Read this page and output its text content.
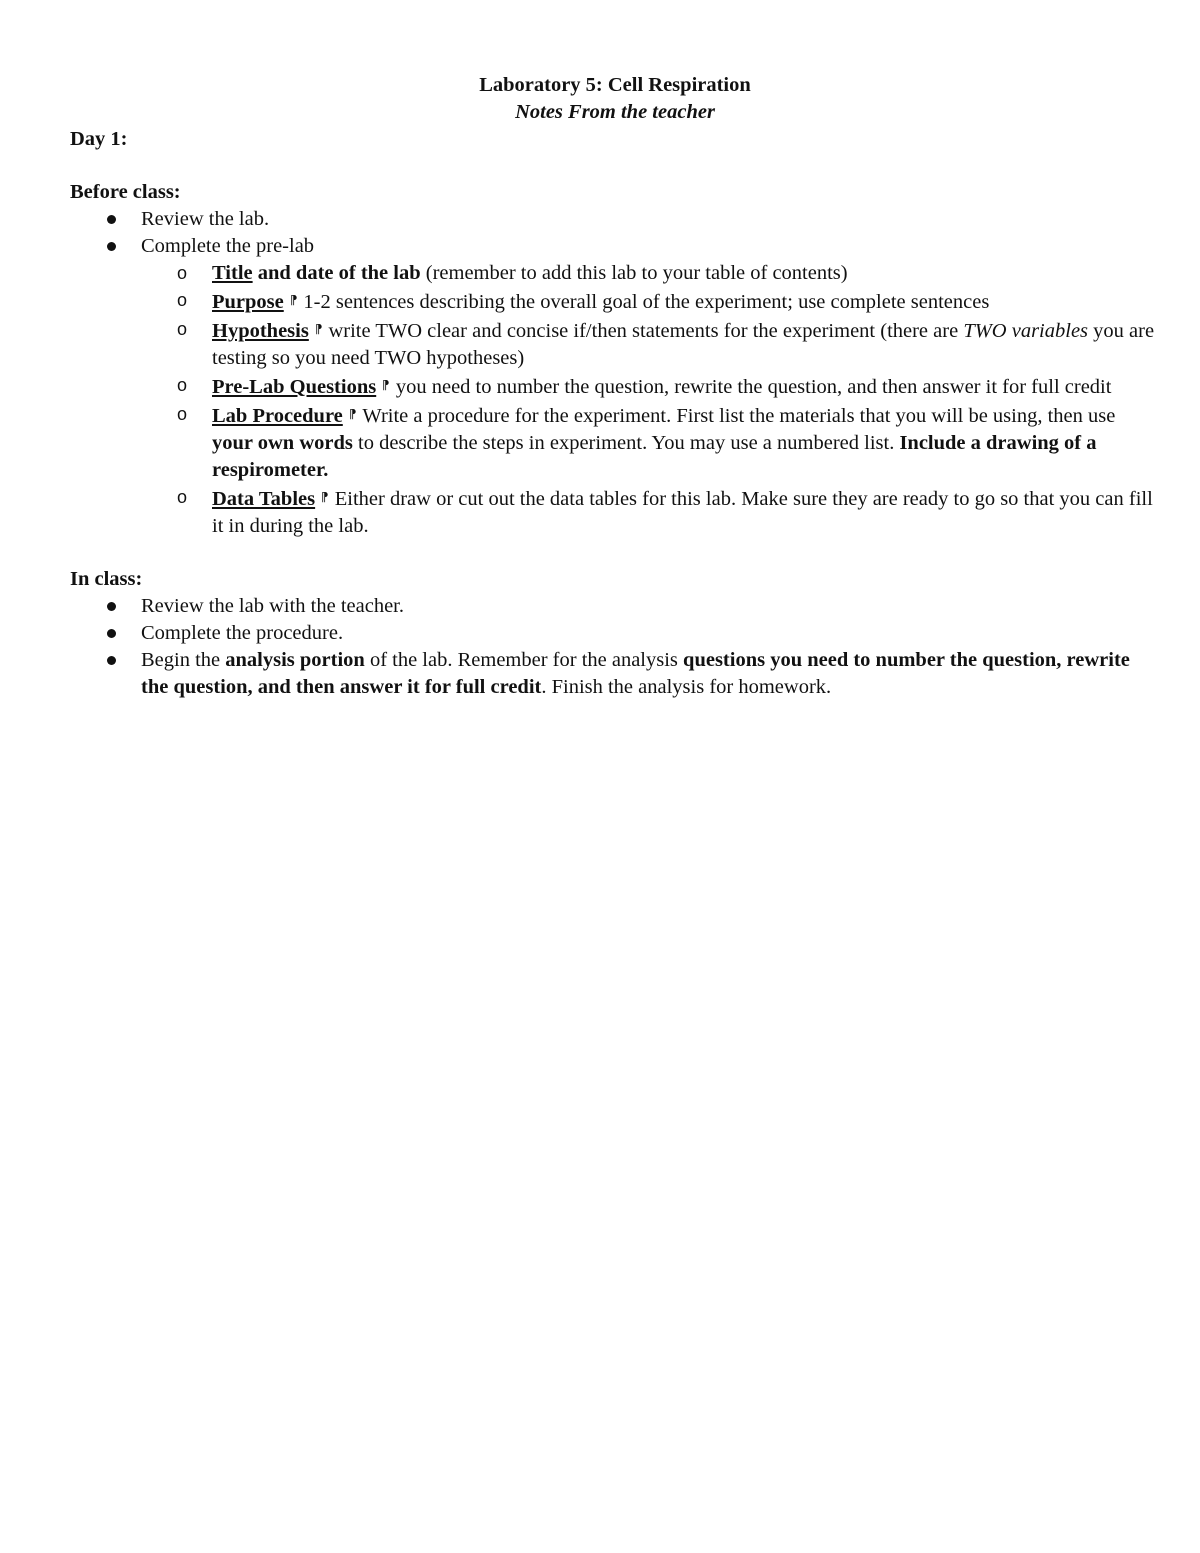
Laboratory 5: Cell Respiration

Notes From the teacher

Day 1:

Before class:

Review the lab.
Complete the pre-lab
o Title and date of the lab (remember to add this lab to your table of contents)
o Purpose ¶ 1-2 sentences describing the overall goal of the experiment; use complete sentences
o Hypothesis ¶ write TWO clear and concise if/then statements for the experiment (there are TWO variables you are testing so you need TWO hypotheses)
o Pre-Lab Questions ¶ you need to number the question, rewrite the question, and then answer it for full credit
o Lab Procedure ¶ Write a procedure for the experiment. First list the materials that you will be using, then use your own words to describe the steps in experiment. You may use a numbered list. Include a drawing of a respirometer.
o Data Tables ¶ Either draw or cut out the data tables for this lab. Make sure they are ready to go so that you can fill it in during the lab.

In class:

Review the lab with the teacher.
Complete the procedure.
Begin the analysis portion of the lab. Remember for the analysis questions you need to number the question, rewrite the question, and then answer it for full credit. Finish the analysis for homework.
